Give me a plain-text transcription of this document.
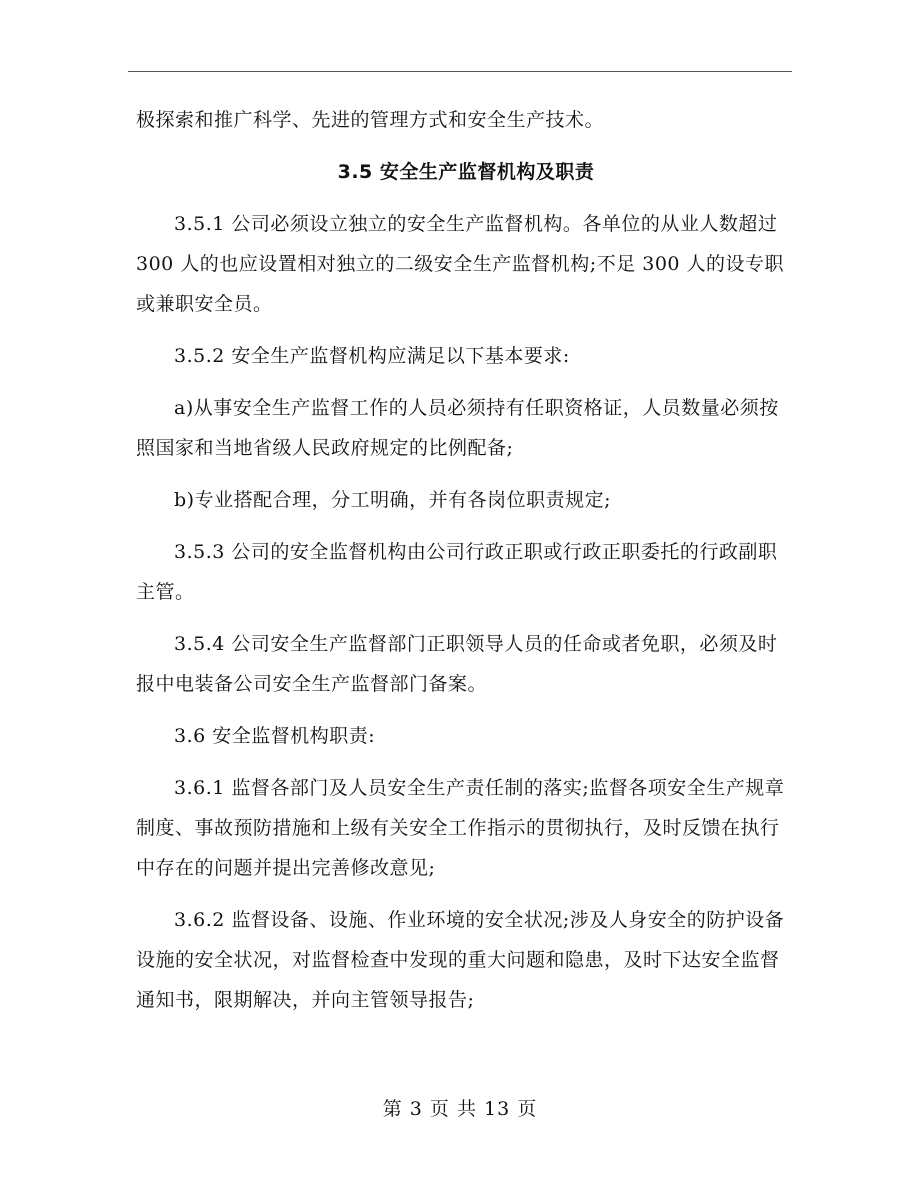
极探索和推广科学、先进的管理方式和安全生产技术。

3.5 安全生产监督机构及职责

3.5.1 公司必须设立独立的安全生产监督机构。各单位的从业人数超过 300 人的也应设置相对独立的二级安全生产监督机构;不足 300 人的设专职或兼职安全员。

3.5.2 安全生产监督机构应满足以下基本要求:

a)从事安全生产监督工作的人员必须持有任职资格证，人员数量必须按照国家和当地省级人民政府规定的比例配备;

b)专业搭配合理，分工明确，并有各岗位职责规定;

3.5.3 公司的安全监督机构由公司行政正职或行政正职委托的行政副职主管。

3.5.4 公司安全生产监督部门正职领导人员的任命或者免职，必须及时报中电装备公司安全生产监督部门备案。

3.6 安全监督机构职责:

3.6.1 监督各部门及人员安全生产责任制的落实;监督各项安全生产规章制度、事故预防措施和上级有关安全工作指示的贯彻执行，及时反馈在执行中存在的问题并提出完善修改意见;

3.6.2 监督设备、设施、作业环境的安全状况;涉及人身安全的防护设备设施的安全状况，对监督检查中发现的重大问题和隐患，及时下达安全监督通知书，限期解决，并向主管领导报告;

第 3 页 共 13 页
